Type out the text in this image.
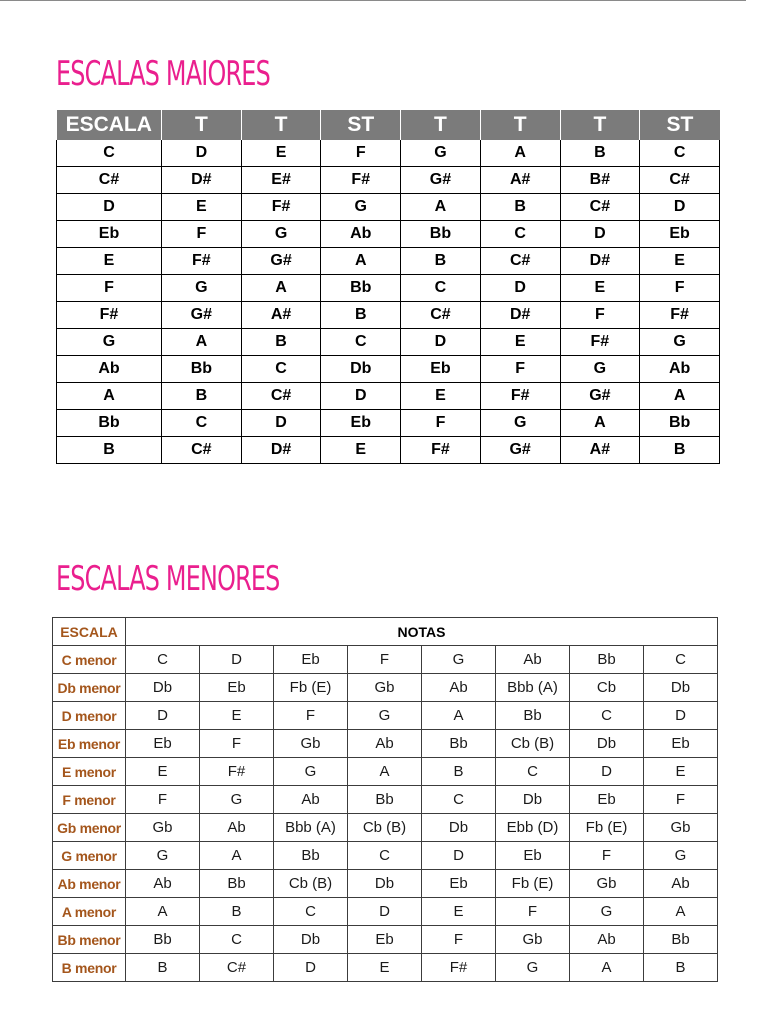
ESCALAS MAIORES
ESCALA	T	T	ST	T	T	T	ST
C	D	E	F	G	A	B	C
C#	D#	E#	F#	G#	A#	B#	C#
D	E	F#	G	A	B	C#	D
Eb	F	G	Ab	Bb	C	D	Eb
E	F#	G#	A	B	C#	D#	E
F	G	A	Bb	C	D	E	F
F#	G#	A#	B	C#	D#	F	F#
G	A	B	C	D	E	F#	G
Ab	Bb	C	Db	Eb	F	G	Ab
A	B	C#	D	E	F#	G#	A
Bb	C	D	Eb	F	G	A	Bb
B	C#	D#	E	F#	G#	A#	B
ESCALAS MENORES
ESCALA	NOTAS							
C menor	C	D	Eb	F	G	Ab	Bb	C
Db menor	Db	Eb	Fb (E)	Gb	Ab	Bbb (A)	Cb	Db
D menor	D	E	F	G	A	Bb	C	D
Eb menor	Eb	F	Gb	Ab	Bb	Cb (B)	Db	Eb
E menor	E	F#	G	A	B	C	D	E
F menor	F	G	Ab	Bb	C	Db	Eb	F
Gb menor	Gb	Ab	Bbb (A)	Cb (B)	Db	Ebb (D)	Fb (E)	Gb
G menor	G	A	Bb	C	D	Eb	F	G
Ab menor	Ab	Bb	Cb (B)	Db	Eb	Fb (E)	Gb	Ab
A menor	A	B	C	D	E	F	G	A
Bb menor	Bb	C	Db	Eb	F	Gb	Ab	Bb
B menor	B	C#	D	E	F#	G	A	B
